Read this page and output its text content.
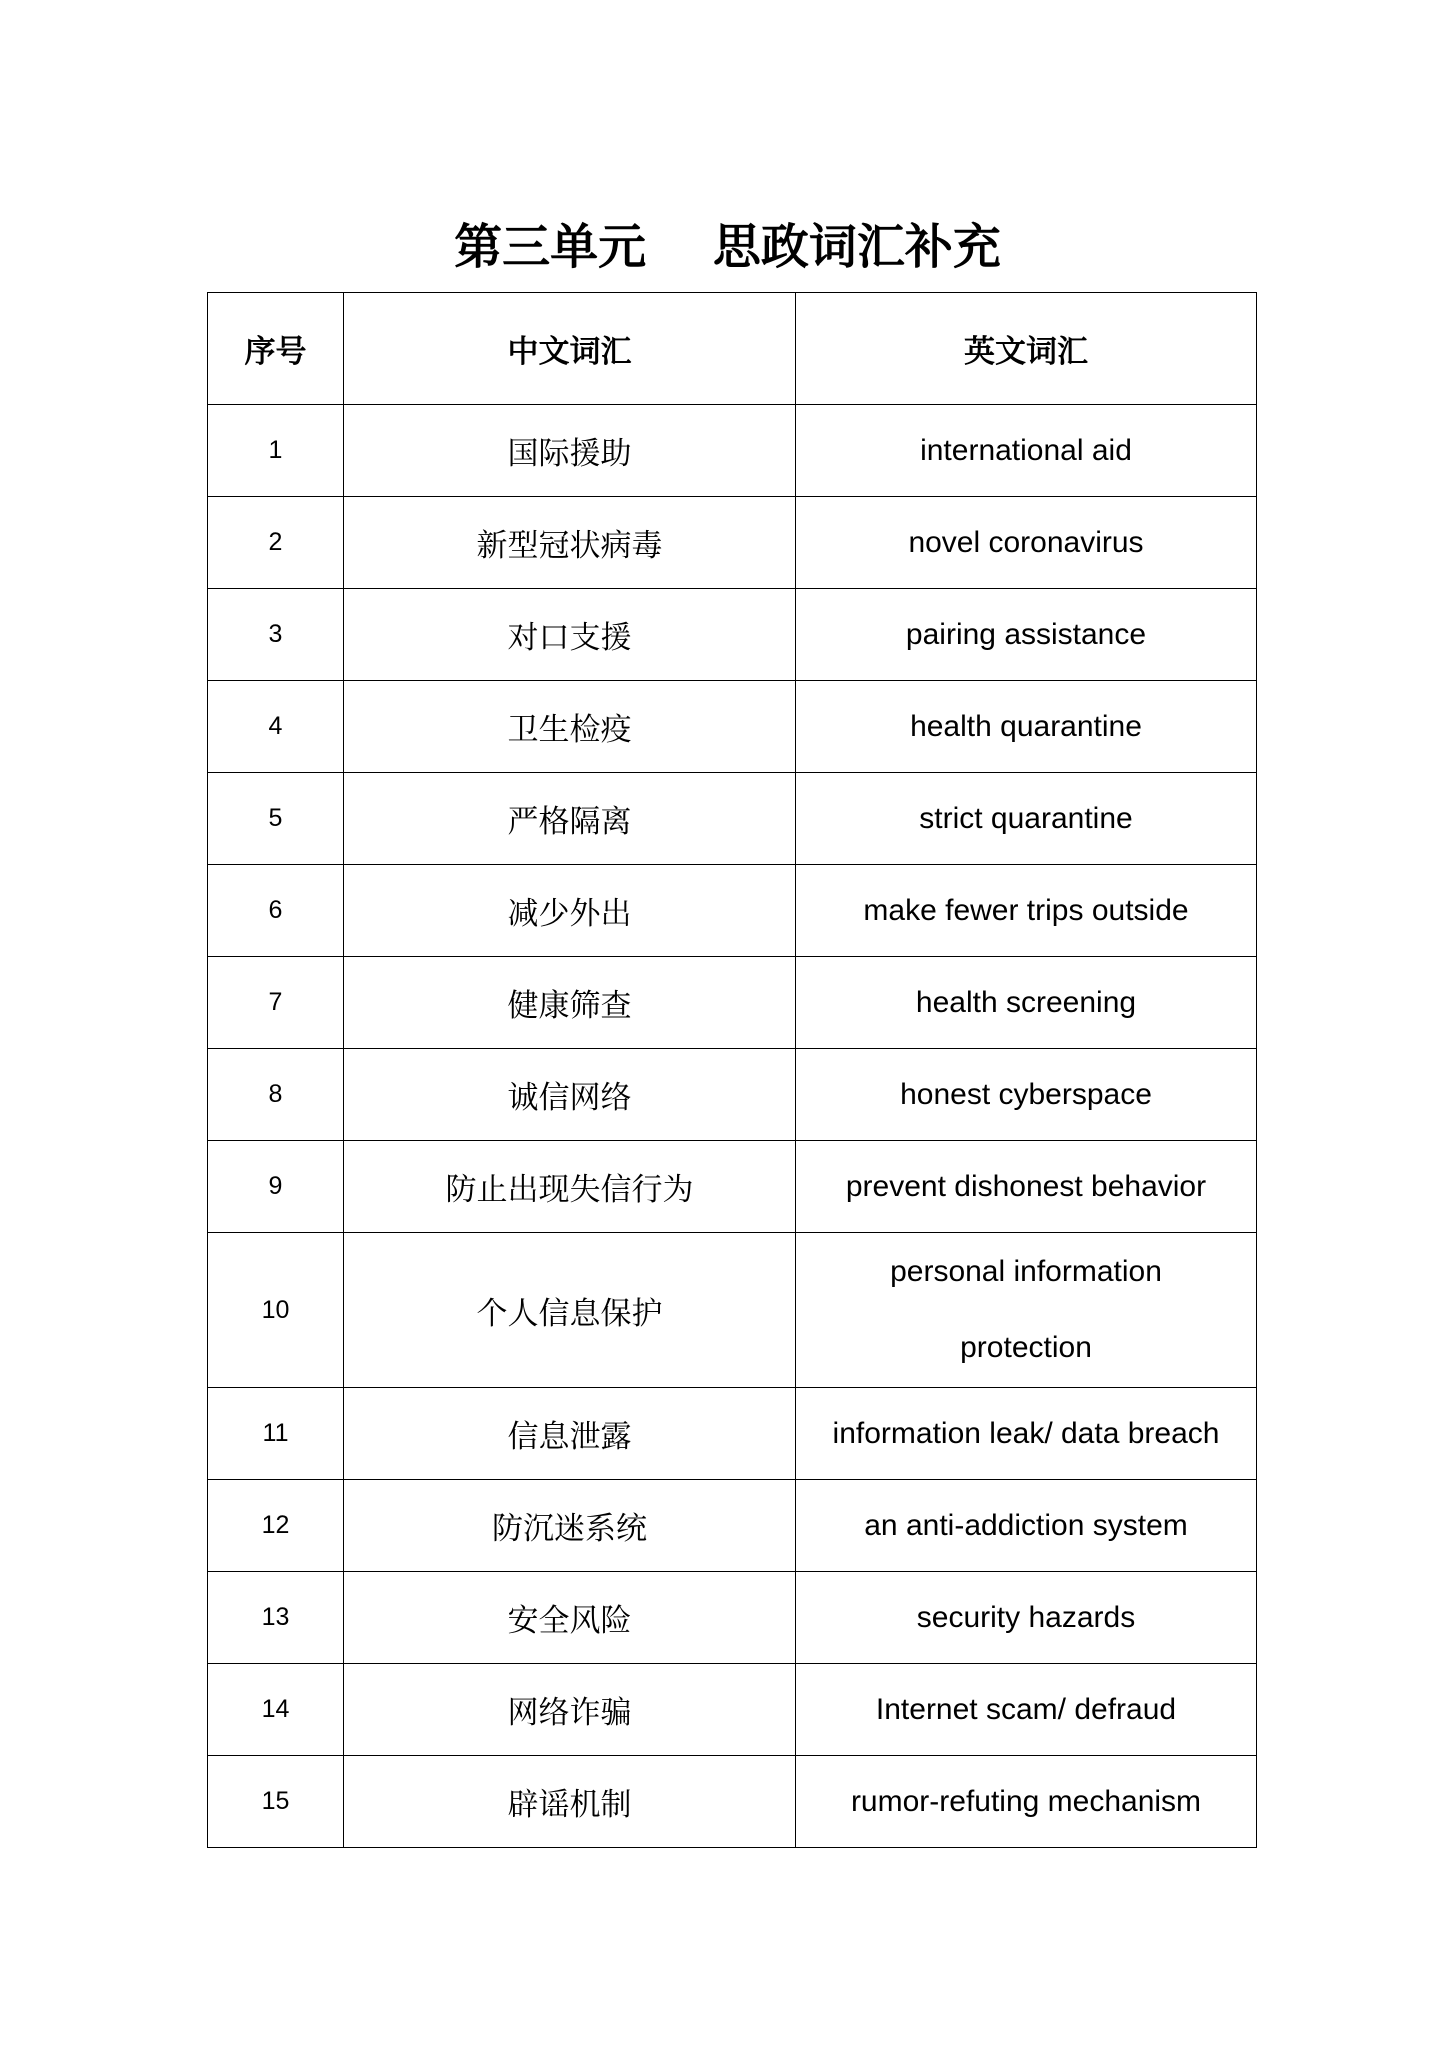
第三单元    思政词汇补充
序号	中文词汇	英文词汇
1	国际援助	international aid
2	新型冠状病毒	novel coronavirus
3	对口支援	pairing assistance
4	卫生检疫	health quarantine
5	严格隔离	strict quarantine
6	减少外出	make fewer trips outside
7	健康筛查	health screening
8	诚信网络	honest cyberspace
9	防止出现失信行为	prevent dishonest behavior
10	个人信息保护	personal information protection
11	信息泄露	information leak/ data breach
12	防沉迷系统	an anti-addiction system
13	安全风险	security hazards
14	网络诈骗	Internet scam/ defraud
15	辟谣机制	rumor-refuting mechanism
